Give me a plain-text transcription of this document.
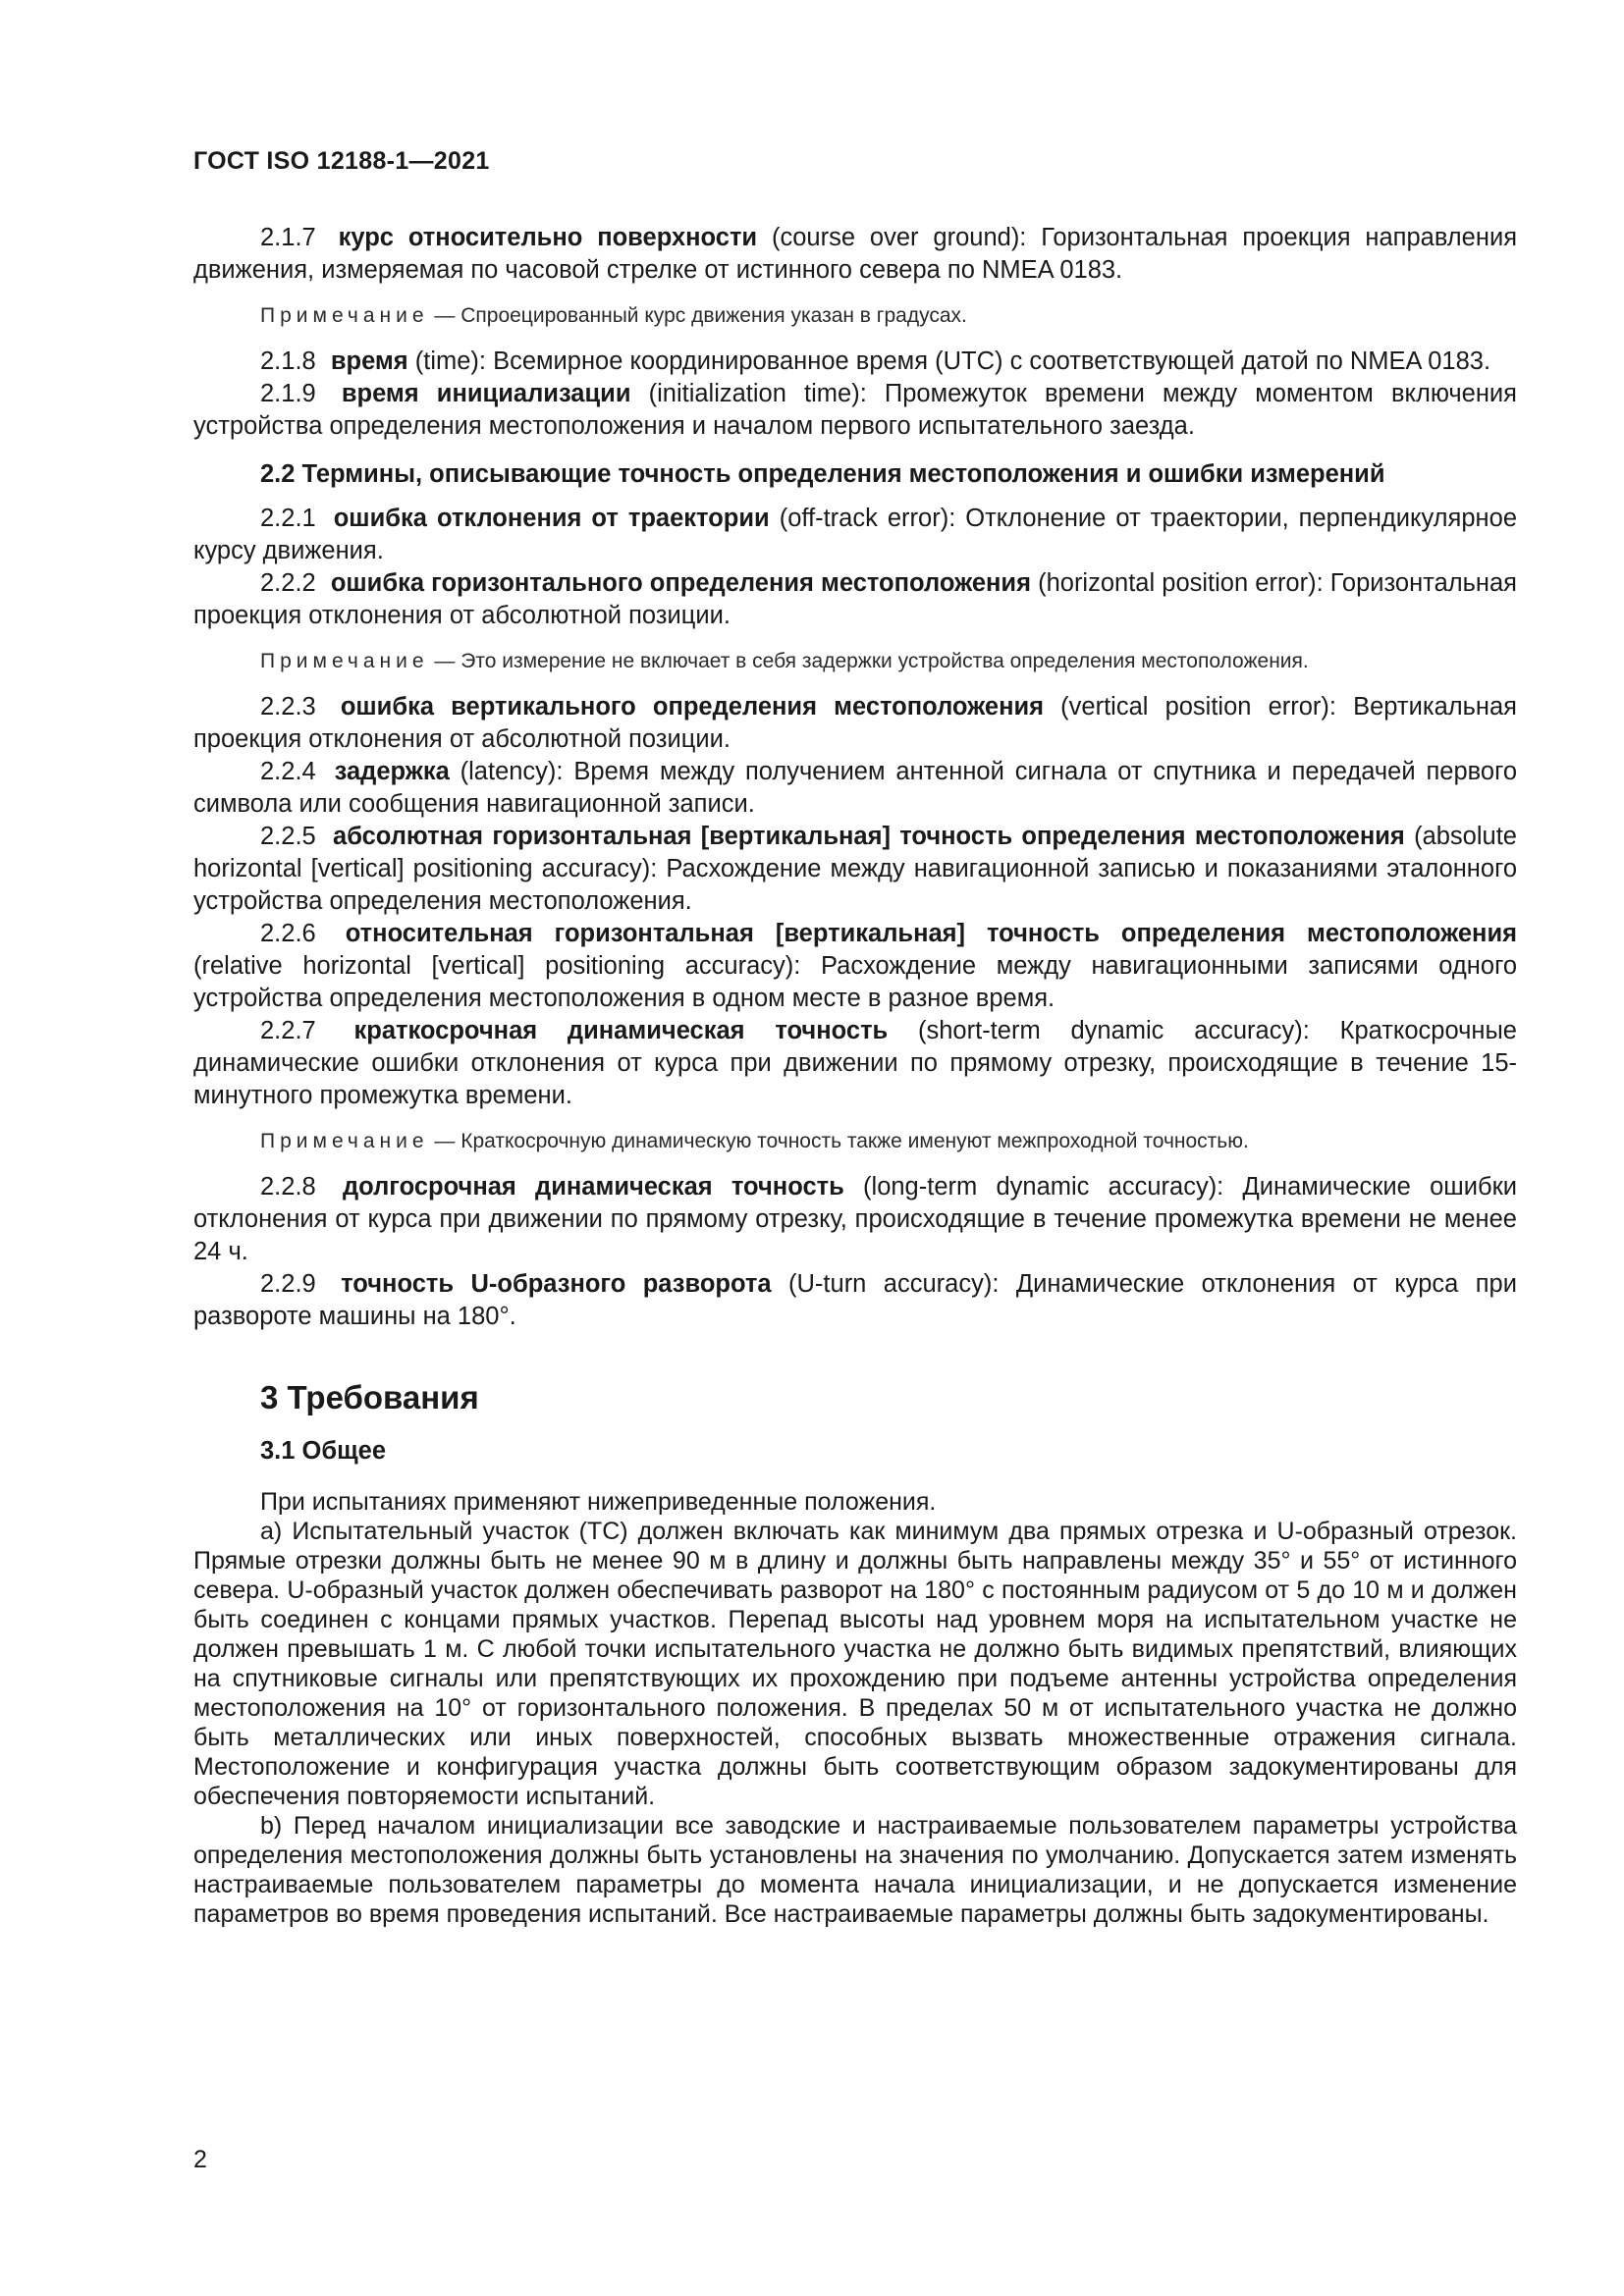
ГОСТ ISO 12188-1—2021

2.1.7 курс относительно поверхности (course over ground): Горизонтальная проекция направления движения, измеряемая по часовой стрелке от истинного севера по NMEA 0183.

Примечание — Спроецированный курс движения указан в градусах.

2.1.8 время (time): Всемирное координированное время (UTC) с соответствующей датой по NMEA 0183.

2.1.9 время инициализации (initialization time): Промежуток времени между моментом включения устройства определения местоположения и началом первого испытательного заезда.

2.2 Термины, описывающие точность определения местоположения и ошибки измерений

2.2.1 ошибка отклонения от траектории (off-track error): Отклонение от траектории, перпендикулярное курсу движения.

2.2.2 ошибка горизонтального определения местоположения (horizontal position error): Горизонтальная проекция отклонения от абсолютной позиции.

Примечание — Это измерение не включает в себя задержки устройства определения местоположения.

2.2.3 ошибка вертикального определения местоположения (vertical position error): Вертикальная проекция отклонения от абсолютной позиции.

2.2.4 задержка (latency): Время между получением антенной сигнала от спутника и передачей первого символа или сообщения навигационной записи.

2.2.5 абсолютная горизонтальная [вертикальная] точность определения местоположения (absolute horizontal [vertical] positioning accuracy): Расхождение между навигационной записью и показаниями эталонного устройства определения местоположения.

2.2.6 относительная горизонтальная [вертикальная] точность определения местоположения (relative horizontal [vertical] positioning accuracy): Расхождение между навигационными записями одного устройства определения местоположения в одном месте в разное время.

2.2.7 краткосрочная динамическая точность (short-term dynamic accuracy): Краткосрочные динамические ошибки отклонения от курса при движении по прямому отрезку, происходящие в течение 15-минутного промежутка времени.

Примечание — Краткосрочную динамическую точность также именуют межпроходной точностью.

2.2.8 долгосрочная динамическая точность (long-term dynamic accuracy): Динамические ошибки отклонения от курса при движении по прямому отрезку, происходящие в течение промежутка времени не менее 24 ч.

2.2.9 точность U-образного разворота (U-turn accuracy): Динамические отклонения от курса при развороте машины на 180°.

3 Требования

3.1 Общее

При испытаниях применяют нижеприведенные положения.

а) Испытательный участок (ТС) должен включать как минимум два прямых отрезка и U-образный отрезок. Прямые отрезки должны быть не менее 90 м в длину и должны быть направлены между 35° и 55° от истинного севера. U-образный участок должен обеспечивать разворот на 180° с постоянным радиусом от 5 до 10 м и должен быть соединен с концами прямых участков. Перепад высоты над уровнем моря на испытательном участке не должен превышать 1 м. С любой точки испытательного участка не должно быть видимых препятствий, влияющих на спутниковые сигналы или препятствующих их прохождению при подъеме антенны устройства определения местоположения на 10° от горизонтального положения. В пределах 50 м от испытательного участка не должно быть металлических или иных поверхностей, способных вызвать множественные отражения сигнала. Местоположение и конфигурация участка должны быть соответствующим образом задокументированы для обеспечения повторяемости испытаний.

b) Перед началом инициализации все заводские и настраиваемые пользователем параметры устройства определения местоположения должны быть установлены на значения по умолчанию. Допускается затем изменять настраиваемые пользователем параметры до момента начала инициализации, и не допускается изменение параметров во время проведения испытаний. Все настраиваемые параметры должны быть задокументированы.

2
